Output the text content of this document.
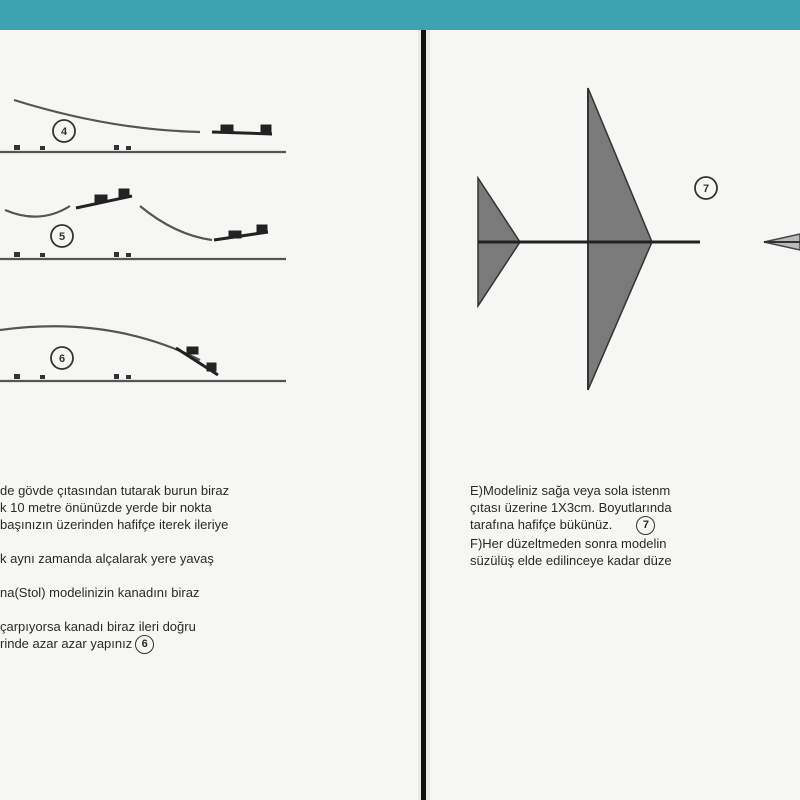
4
5
6
de gövde çıtasından tutarak burun biraz
k 10 metre önünüzde yerde bir nokta
başınızın üzerinden hafifçe iterek ileriye

k aynı zamanda alçalarak yere yavaş

na(Stol) modelinizin kanadını biraz

çarpıyorsa kanadı biraz ileri doğru
rinde azar azar yapınız 6
7
E)Modeliniz sağa veya sola istenm
çıtası üzerine 1X3cm. Boyutlarında
tarafına hafifçe bükünüz.	7
F)Her düzeltmeden sonra modelin
süzülüş elde edilinceye kadar düze
